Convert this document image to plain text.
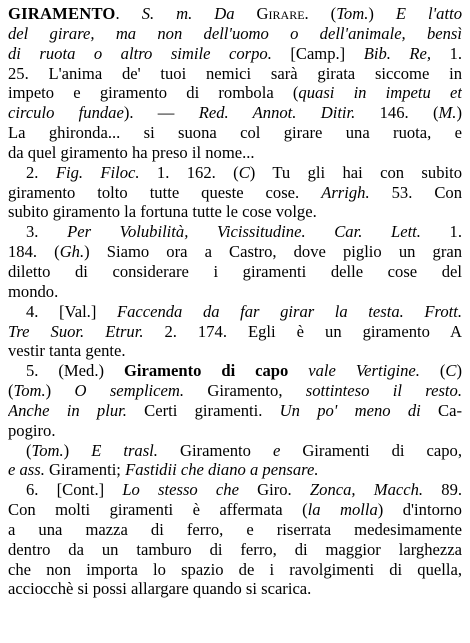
GIRAMENTO. S. m. Da Girare. (Tom.) E l'atto
del girare, ma non dell'uomo o dell'animale, bensì
di ruota o altro simile corpo. [Camp.] Bib. Re, 1.
25. L'anima de' tuoi nemici sarà girata siccome in
impeto e giramento di rombola (quasi in impetu et
circulo fundae). — Red. Annot. Ditir. 146. (M.)
La ghironda... si suona col girare una ruota, e
da quel giramento ha preso il nome...
2. Fig. Filoc. 1. 162. (C) Tu gli hai con subito
giramento tolto tutte queste cose. Arrigh. 53. Con
subito giramento la fortuna tutte le cose volge.
3. Per Volubilità, Vicissitudine. Car. Lett. 1.
184. (Gh.) Siamo ora a Castro, dove piglio un gran
diletto di considerare i giramenti delle cose del
mondo.
4. [Val.] Faccenda da far girar la testa. Frott.
Tre Suor. Etrur. 2. 174. Egli è un giramento A
vestir tanta gente.
5. (Med.) Giramento di capo vale Vertigine. (C)
(Tom.) O semplicem. Giramento, sottinteso il resto.
Anche in plur. Certi giramenti. Un po' meno di Ca-
pogiro.
(Tom.) E trasl. Giramento e Giramenti di capo,
e ass. Giramenti; Fastidii che diano a pensare.
6. [Cont.] Lo stesso che Giro. Zonca, Macch. 89.
Con molti giramenti è affermata (la molla) d'intorno
a una mazza di ferro, e riserrata medesimamente
dentro da un tamburo di ferro, di maggior larghezza
che non importa lo spazio de i ravolgimenti di quella,
acciocchè si possi allargare quando si scarica.
